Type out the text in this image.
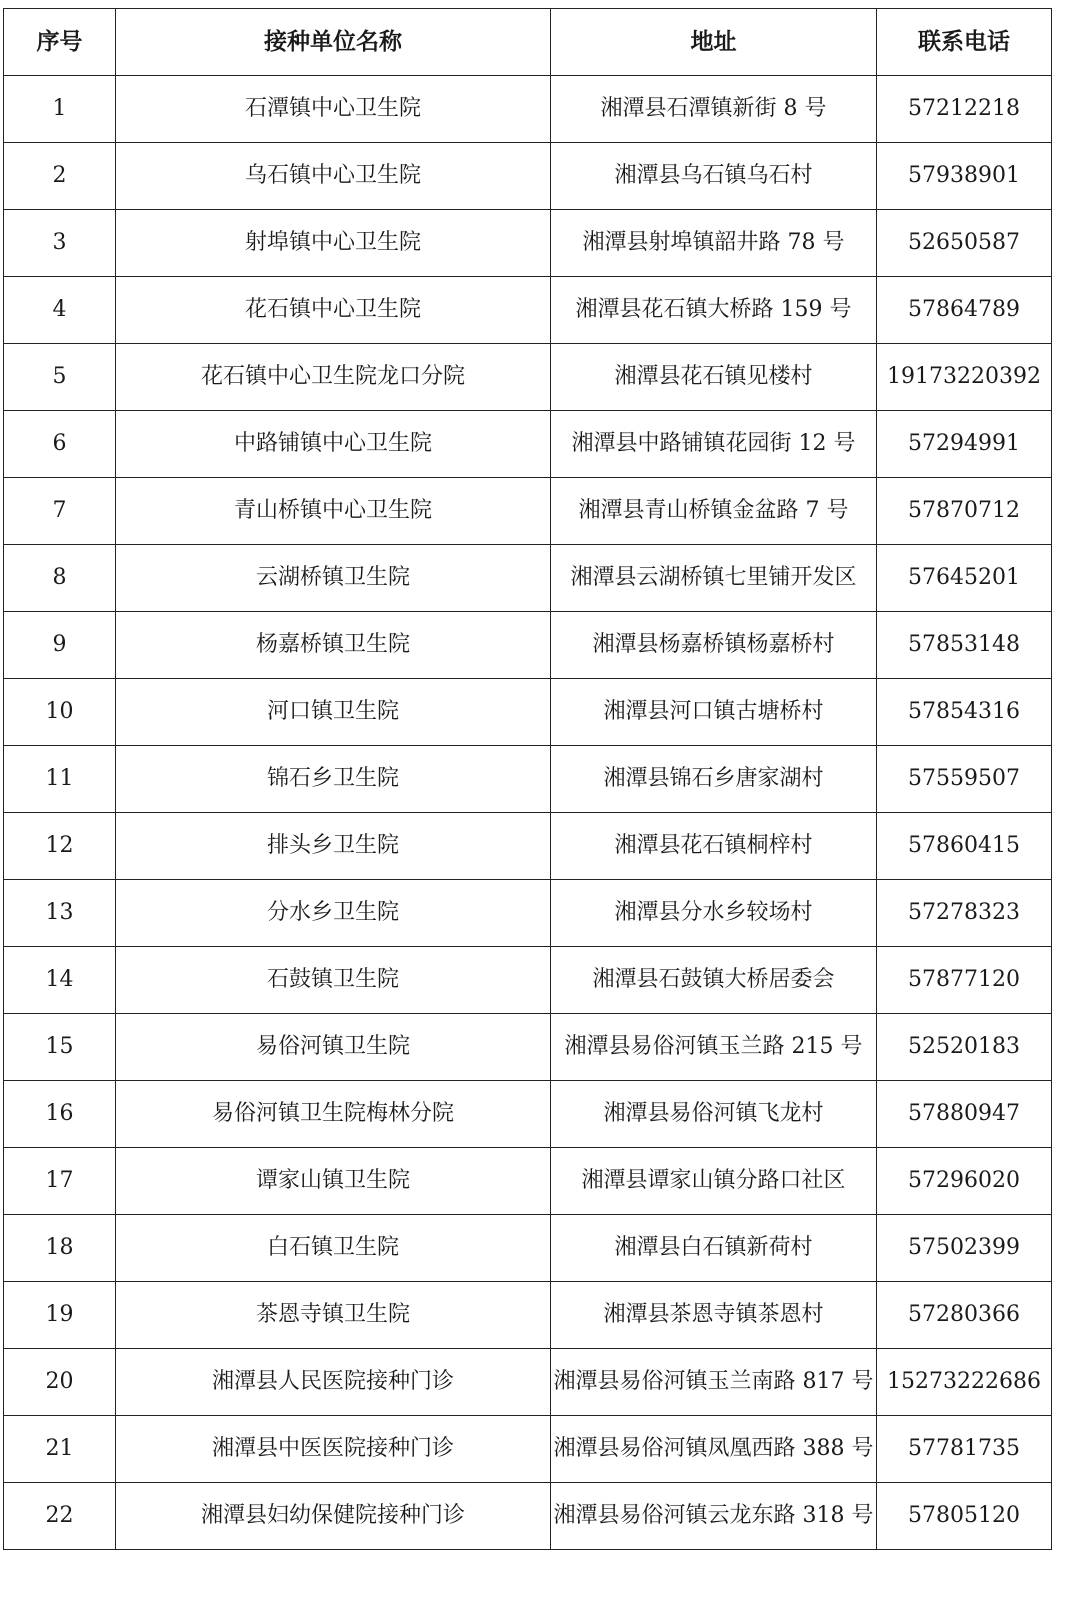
序号	接种单位名称	地址	联系电话
1	石潭镇中心卫生院	湘潭县石潭镇新街 8 号	57212218
2	乌石镇中心卫生院	湘潭县乌石镇乌石村	57938901
3	射埠镇中心卫生院	湘潭县射埠镇韶井路 78 号	52650587
4	花石镇中心卫生院	湘潭县花石镇大桥路 159 号	57864789
5	花石镇中心卫生院龙口分院	湘潭县花石镇见楼村	19173220392
6	中路铺镇中心卫生院	湘潭县中路铺镇花园街 12 号	57294991
7	青山桥镇中心卫生院	湘潭县青山桥镇金盆路 7 号	57870712
8	云湖桥镇卫生院	湘潭县云湖桥镇七里铺开发区	57645201
9	杨嘉桥镇卫生院	湘潭县杨嘉桥镇杨嘉桥村	57853148
10	河口镇卫生院	湘潭县河口镇古塘桥村	57854316
11	锦石乡卫生院	湘潭县锦石乡唐家湖村	57559507
12	排头乡卫生院	湘潭县花石镇桐梓村	57860415
13	分水乡卫生院	湘潭县分水乡较场村	57278323
14	石鼓镇卫生院	湘潭县石鼓镇大桥居委会	57877120
15	易俗河镇卫生院	湘潭县易俗河镇玉兰路 215 号	52520183
16	易俗河镇卫生院梅林分院	湘潭县易俗河镇飞龙村	57880947
17	谭家山镇卫生院	湘潭县谭家山镇分路口社区	57296020
18	白石镇卫生院	湘潭县白石镇新荷村	57502399
19	茶恩寺镇卫生院	湘潭县茶恩寺镇茶恩村	57280366
20	湘潭县人民医院接种门诊	湘潭县易俗河镇玉兰南路 817 号	15273222686
21	湘潭县中医医院接种门诊	湘潭县易俗河镇凤凰西路 388 号	57781735
22	湘潭县妇幼保健院接种门诊	湘潭县易俗河镇云龙东路 318 号	57805120
